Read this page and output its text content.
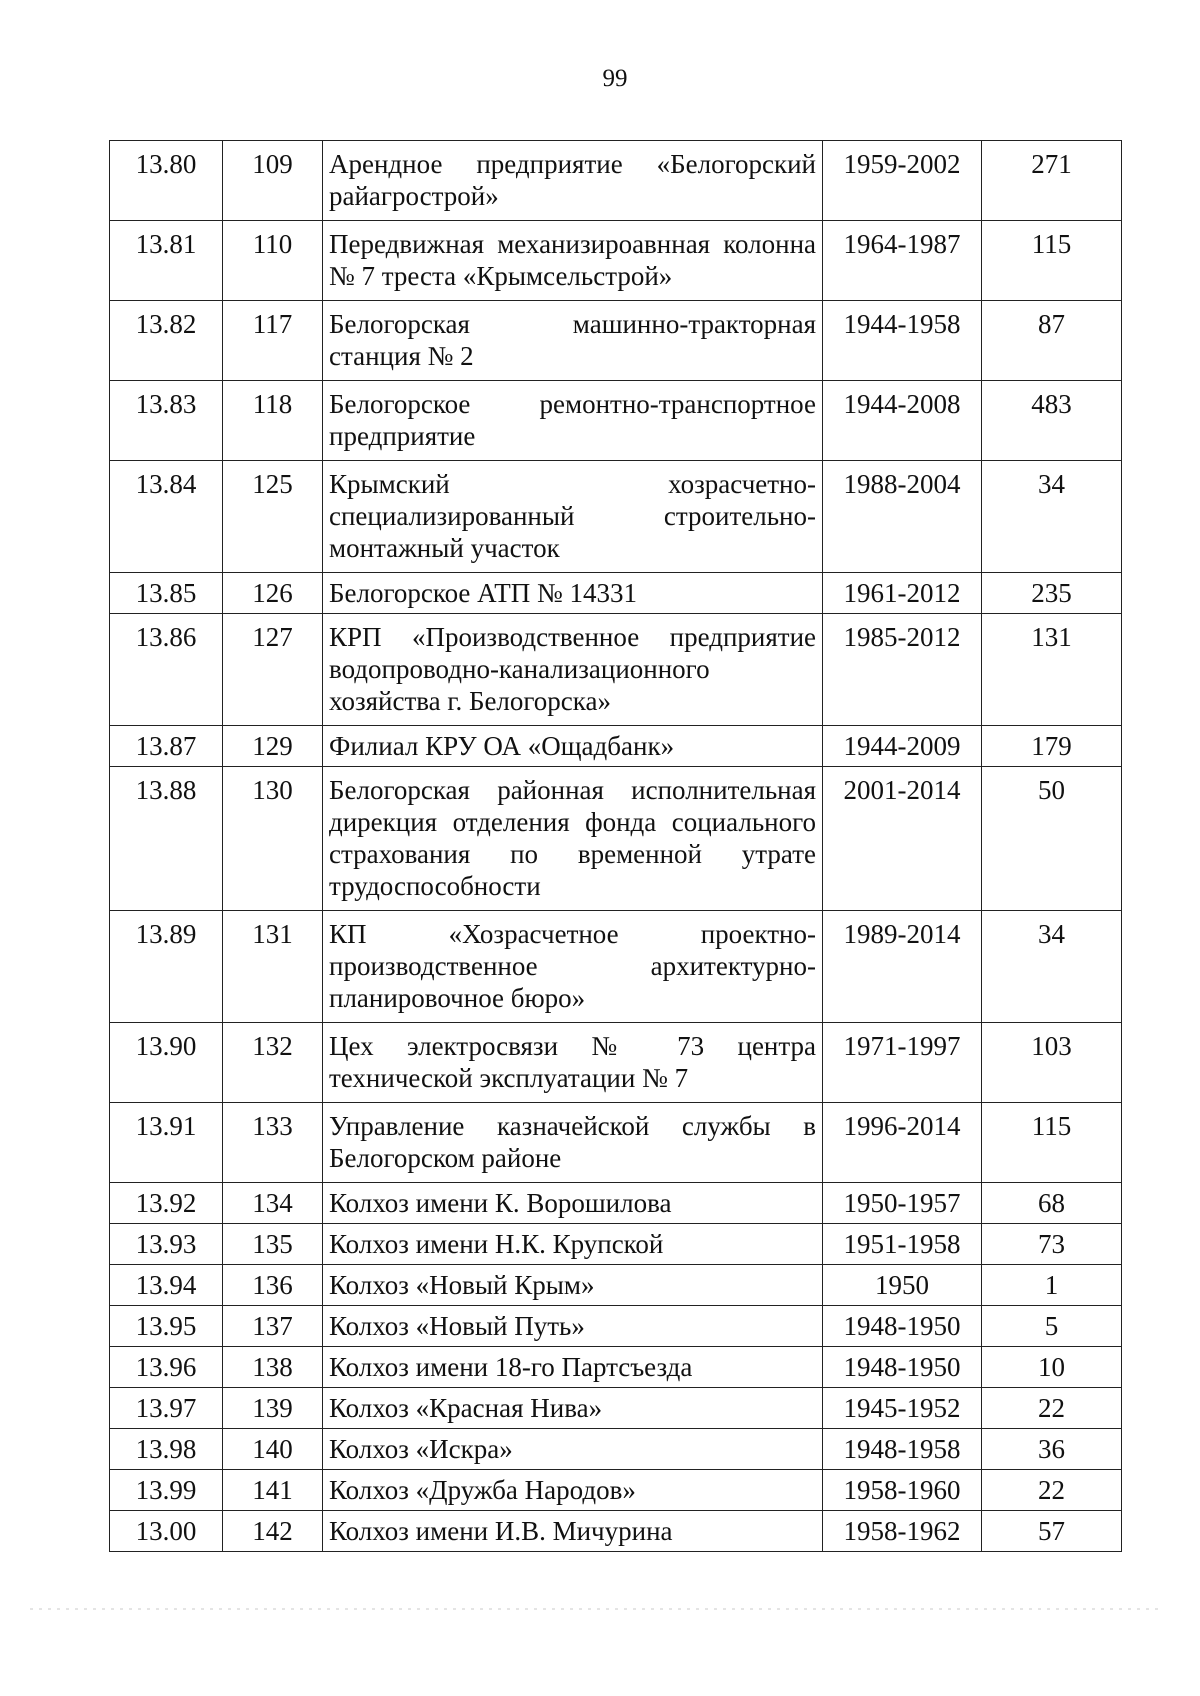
99
13.80	109	Арендное предприятие «Белогорский райагрострой»	1959-2002	271
13.81	110	Передвижная механизироавнная колонна № 7 треста «Крымсельстрой»	1964-1987	115
13.82	117	Белогорская машинно-тракторная станция № 2	1944-1958	87
13.83	118	Белогорское ремонтно-транспортное предприятие	1944-2008	483
13.84	125	Крымский хозрасчетно-специализированный строительно-монтажный участок	1988-2004	34
13.85	126	Белогорское АТП № 14331	1961-2012	235
13.86	127	КРП «Производственное предприятие водопроводно-канализационного хозяйства г. Белогорска»	1985-2012	131
13.87	129	Филиал КРУ ОА «Ощадбанк»	1944-2009	179
13.88	130	Белогорская районная исполнительная дирекция отделения фонда социального страхования по временной утрате трудоспособности	2001-2014	50
13.89	131	КП «Хозрасчетное проектно-производственное архитектурно-планировочное бюро»	1989-2014	34
13.90	132	Цех электросвязи № 73 центра технической эксплуатации № 7	1971-1997	103
13.91	133	Управление казначейской службы в Белогорском районе	1996-2014	115
13.92	134	Колхоз имени К. Ворошилова	1950-1957	68
13.93	135	Колхоз имени Н.К. Крупской	1951-1958	73
13.94	136	Колхоз «Новый Крым»	1950	1
13.95	137	Колхоз «Новый Путь»	1948-1950	5
13.96	138	Колхоз имени 18-го Партсъезда	1948-1950	10
13.97	139	Колхоз «Красная Нива»	1945-1952	22
13.98	140	Колхоз «Искра»	1948-1958	36
13.99	141	Колхоз «Дружба Народов»	1958-1960	22
13.00	142	Колхоз имени И.В. Мичурина	1958-1962	57
